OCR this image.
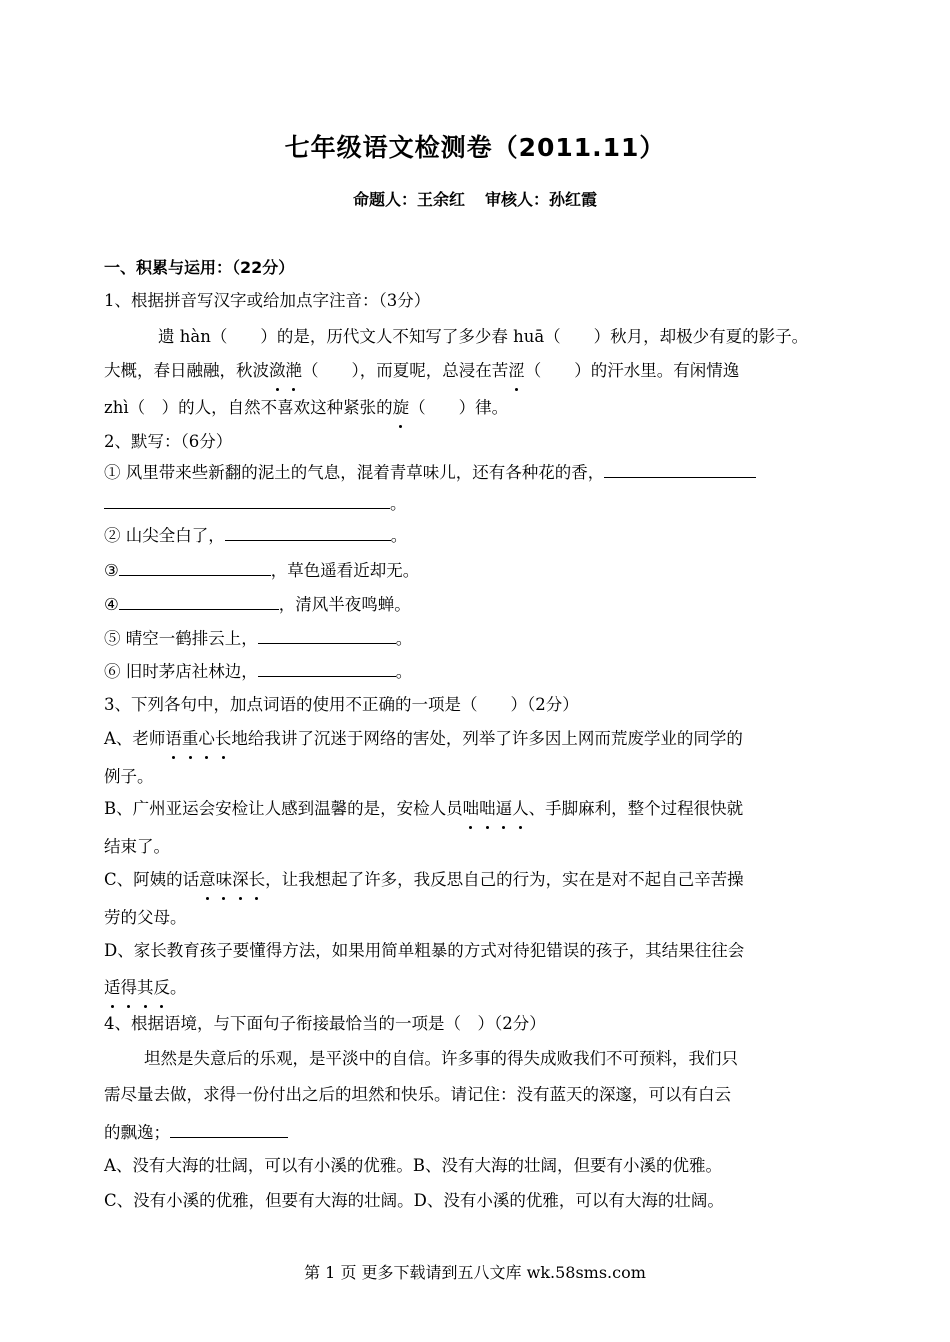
七年级语文检测卷（2011.11）
命题人：王余红 审核人：孙红霞
一、积累与运用：（22分）
1、根据拼音写汉字或给加点字注音：（3分）
遗 hàn（　　）的是，历代文人不知写了多少春 huā（　　）秋月，却极少有夏的影子。
大概，春日融融，秋波潋滟（　　），而夏呢，总浸在苦涩（　　）的汗水里。有闲情逸
zhì（　）的人，自然不喜欢这种紧张的旋（　　）律。
2、默写：（6分）
① 风里带来些新翻的泥土的气息，混着青草味儿，还有各种花的香，
。
② 山尖全白了，	。
③	，草色遥看近却无。
④	，清风半夜鸣蝉。
⑤ 晴空一鹤排云上，	。
⑥ 旧时茅店社林边，	。
3、下列各句中，加点词语的使用不正确的一项是（　　）（2分）
A、老师语重心长地给我讲了沉迷于网络的害处，列举了许多因上网而荒废学业的同学的
例子。
B、广州亚运会安检让人感到温馨的是，安检人员咄咄逼人、手脚麻利，整个过程很快就
结束了。
C、阿姨的话意味深长，让我想起了许多，我反思自己的行为，实在是对不起自己辛苦操
劳的父母。
D、家长教育孩子要懂得方法，如果用简单粗暴的方式对待犯错误的孩子，其结果往往会
适得其反。
4、根据语境，与下面句子衔接最恰当的一项是（　）（2分）
坦然是失意后的乐观，是平淡中的自信。许多事的得失成败我们不可预料，我们只
需尽量去做，求得一份付出之后的坦然和快乐。请记住：没有蓝天的深邃，可以有白云
的飘逸；
A、没有大海的壮阔，可以有小溪的优雅。B、没有大海的壮阔，但要有小溪的优雅。
C、没有小溪的优雅，但要有大海的壮阔。D、没有小溪的优雅，可以有大海的壮阔。
第 1 页 更多下载请到五八文库 wk.58sms.com
